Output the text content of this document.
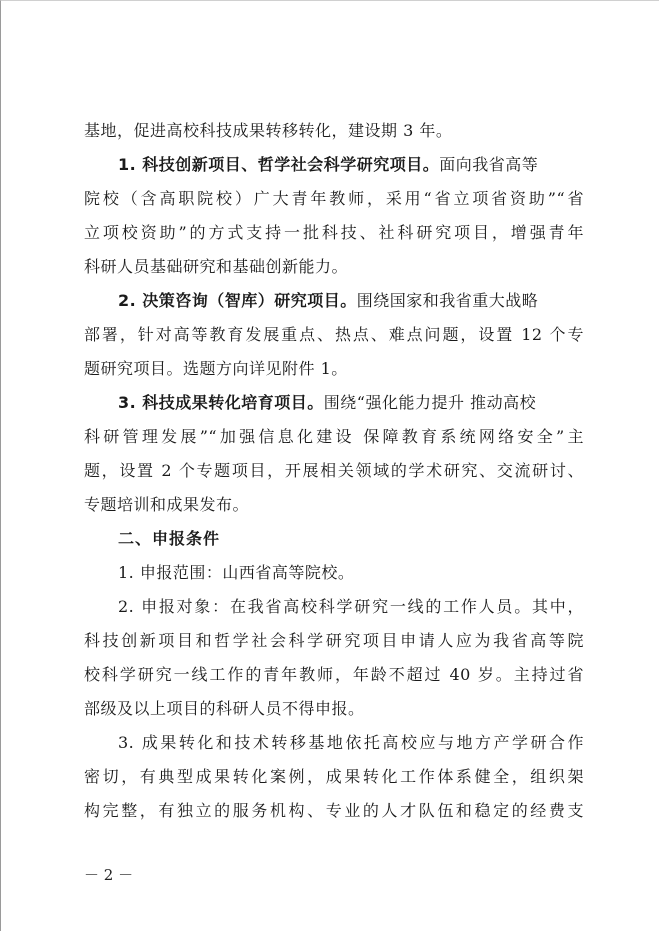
基地，促进高校科技成果转移转化，建设期 3 年。
1. 科技创新项目、哲学社会科学研究项目。面向我省高等
院校（含高职院校）广大青年教师，采用“省立项省资助”“省
立项校资助”的方式支持一批科技、社科研究项目，增强青年
科研人员基础研究和基础创新能力。
2. 决策咨询（智库）研究项目。围绕国家和我省重大战略
部署，针对高等教育发展重点、热点、难点问题，设置 12 个专
题研究项目。选题方向详见附件 1。
3. 科技成果转化培育项目。围绕“强化能力提升 推动高校
科研管理发展”“加强信息化建设 保障教育系统网络安全”主
题，设置 2 个专题项目，开展相关领域的学术研究、交流研讨、
专题培训和成果发布。
二、申报条件
1. 申报范围：山西省高等院校。
2. 申报对象：在我省高校科学研究一线的工作人员。其中，
科技创新项目和哲学社会科学研究项目申请人应为我省高等院
校科学研究一线工作的青年教师，年龄不超过 40 岁。主持过省
部级及以上项目的科研人员不得申报。
3. 成果转化和技术转移基地依托高校应与地方产学研合作
密切，有典型成果转化案例，成果转化工作体系健全，组织架
构完整，有独立的服务机构、专业的人才队伍和稳定的经费支
－ 2 －
